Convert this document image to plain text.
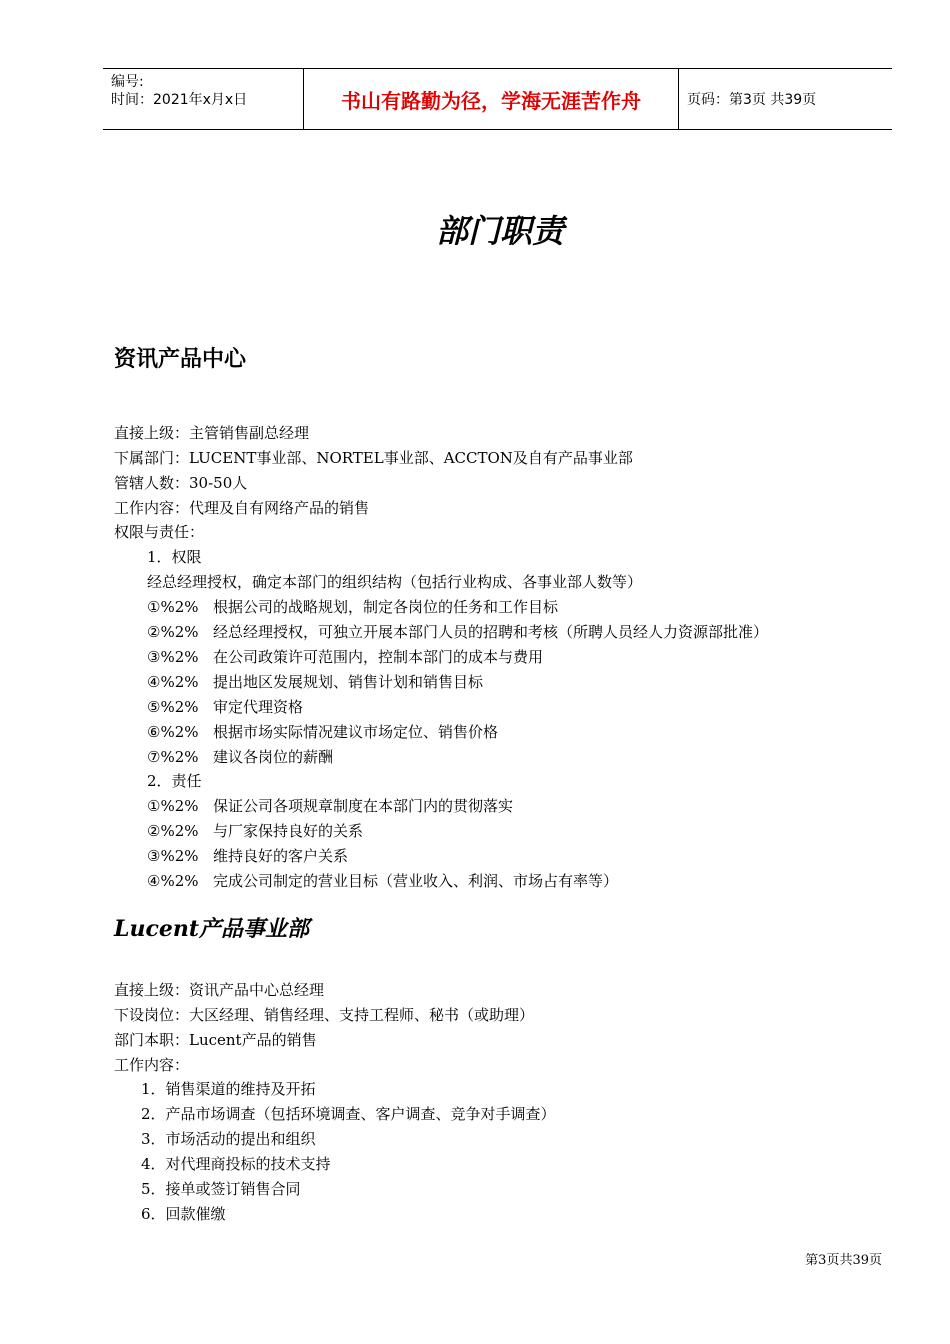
编号:
时间：2021年x月x日	书山有路勤为径，学海无涯苦作舟	页码：第3页 共39页
部门职责
资讯产品中心
直接上级：主管销售副总经理
下属部门：LUCENT事业部、NORTEL事业部、ACCTON及自有产品事业部
管辖人数：30-50人
工作内容：代理及自有网络产品的销售
权限与责任：
1．权限
经总经理授权，确定本部门的组织结构（包括行业构成、各事业部人数等）
①%2% 根据公司的战略规划，制定各岗位的任务和工作目标
②%2% 经总经理授权，可独立开展本部门人员的招聘和考核（所聘人员经人力资源部批准）
③%2% 在公司政策许可范围内，控制本部门的成本与费用
④%2% 提出地区发展规划、销售计划和销售目标
⑤%2% 审定代理资格
⑥%2% 根据市场实际情况建议市场定位、销售价格
⑦%2% 建议各岗位的薪酬
2．责任
①%2% 保证公司各项规章制度在本部门内的贯彻落实
②%2% 与厂家保持良好的关系
③%2% 维持良好的客户关系
④%2% 完成公司制定的营业目标（营业收入、利润、市场占有率等）
Lucent产品事业部
直接上级：资讯产品中心总经理
下设岗位：大区经理、销售经理、支持工程师、秘书（或助理）
部门本职：Lucent产品的销售
工作内容：
1．销售渠道的维持及开拓
2．产品市场调查（包括环境调查、客户调查、竞争对手调查）
3．市场活动的提出和组织
4．对代理商投标的技术支持
5．接单或签订销售合同
6．回款催缴
第3页共39页
